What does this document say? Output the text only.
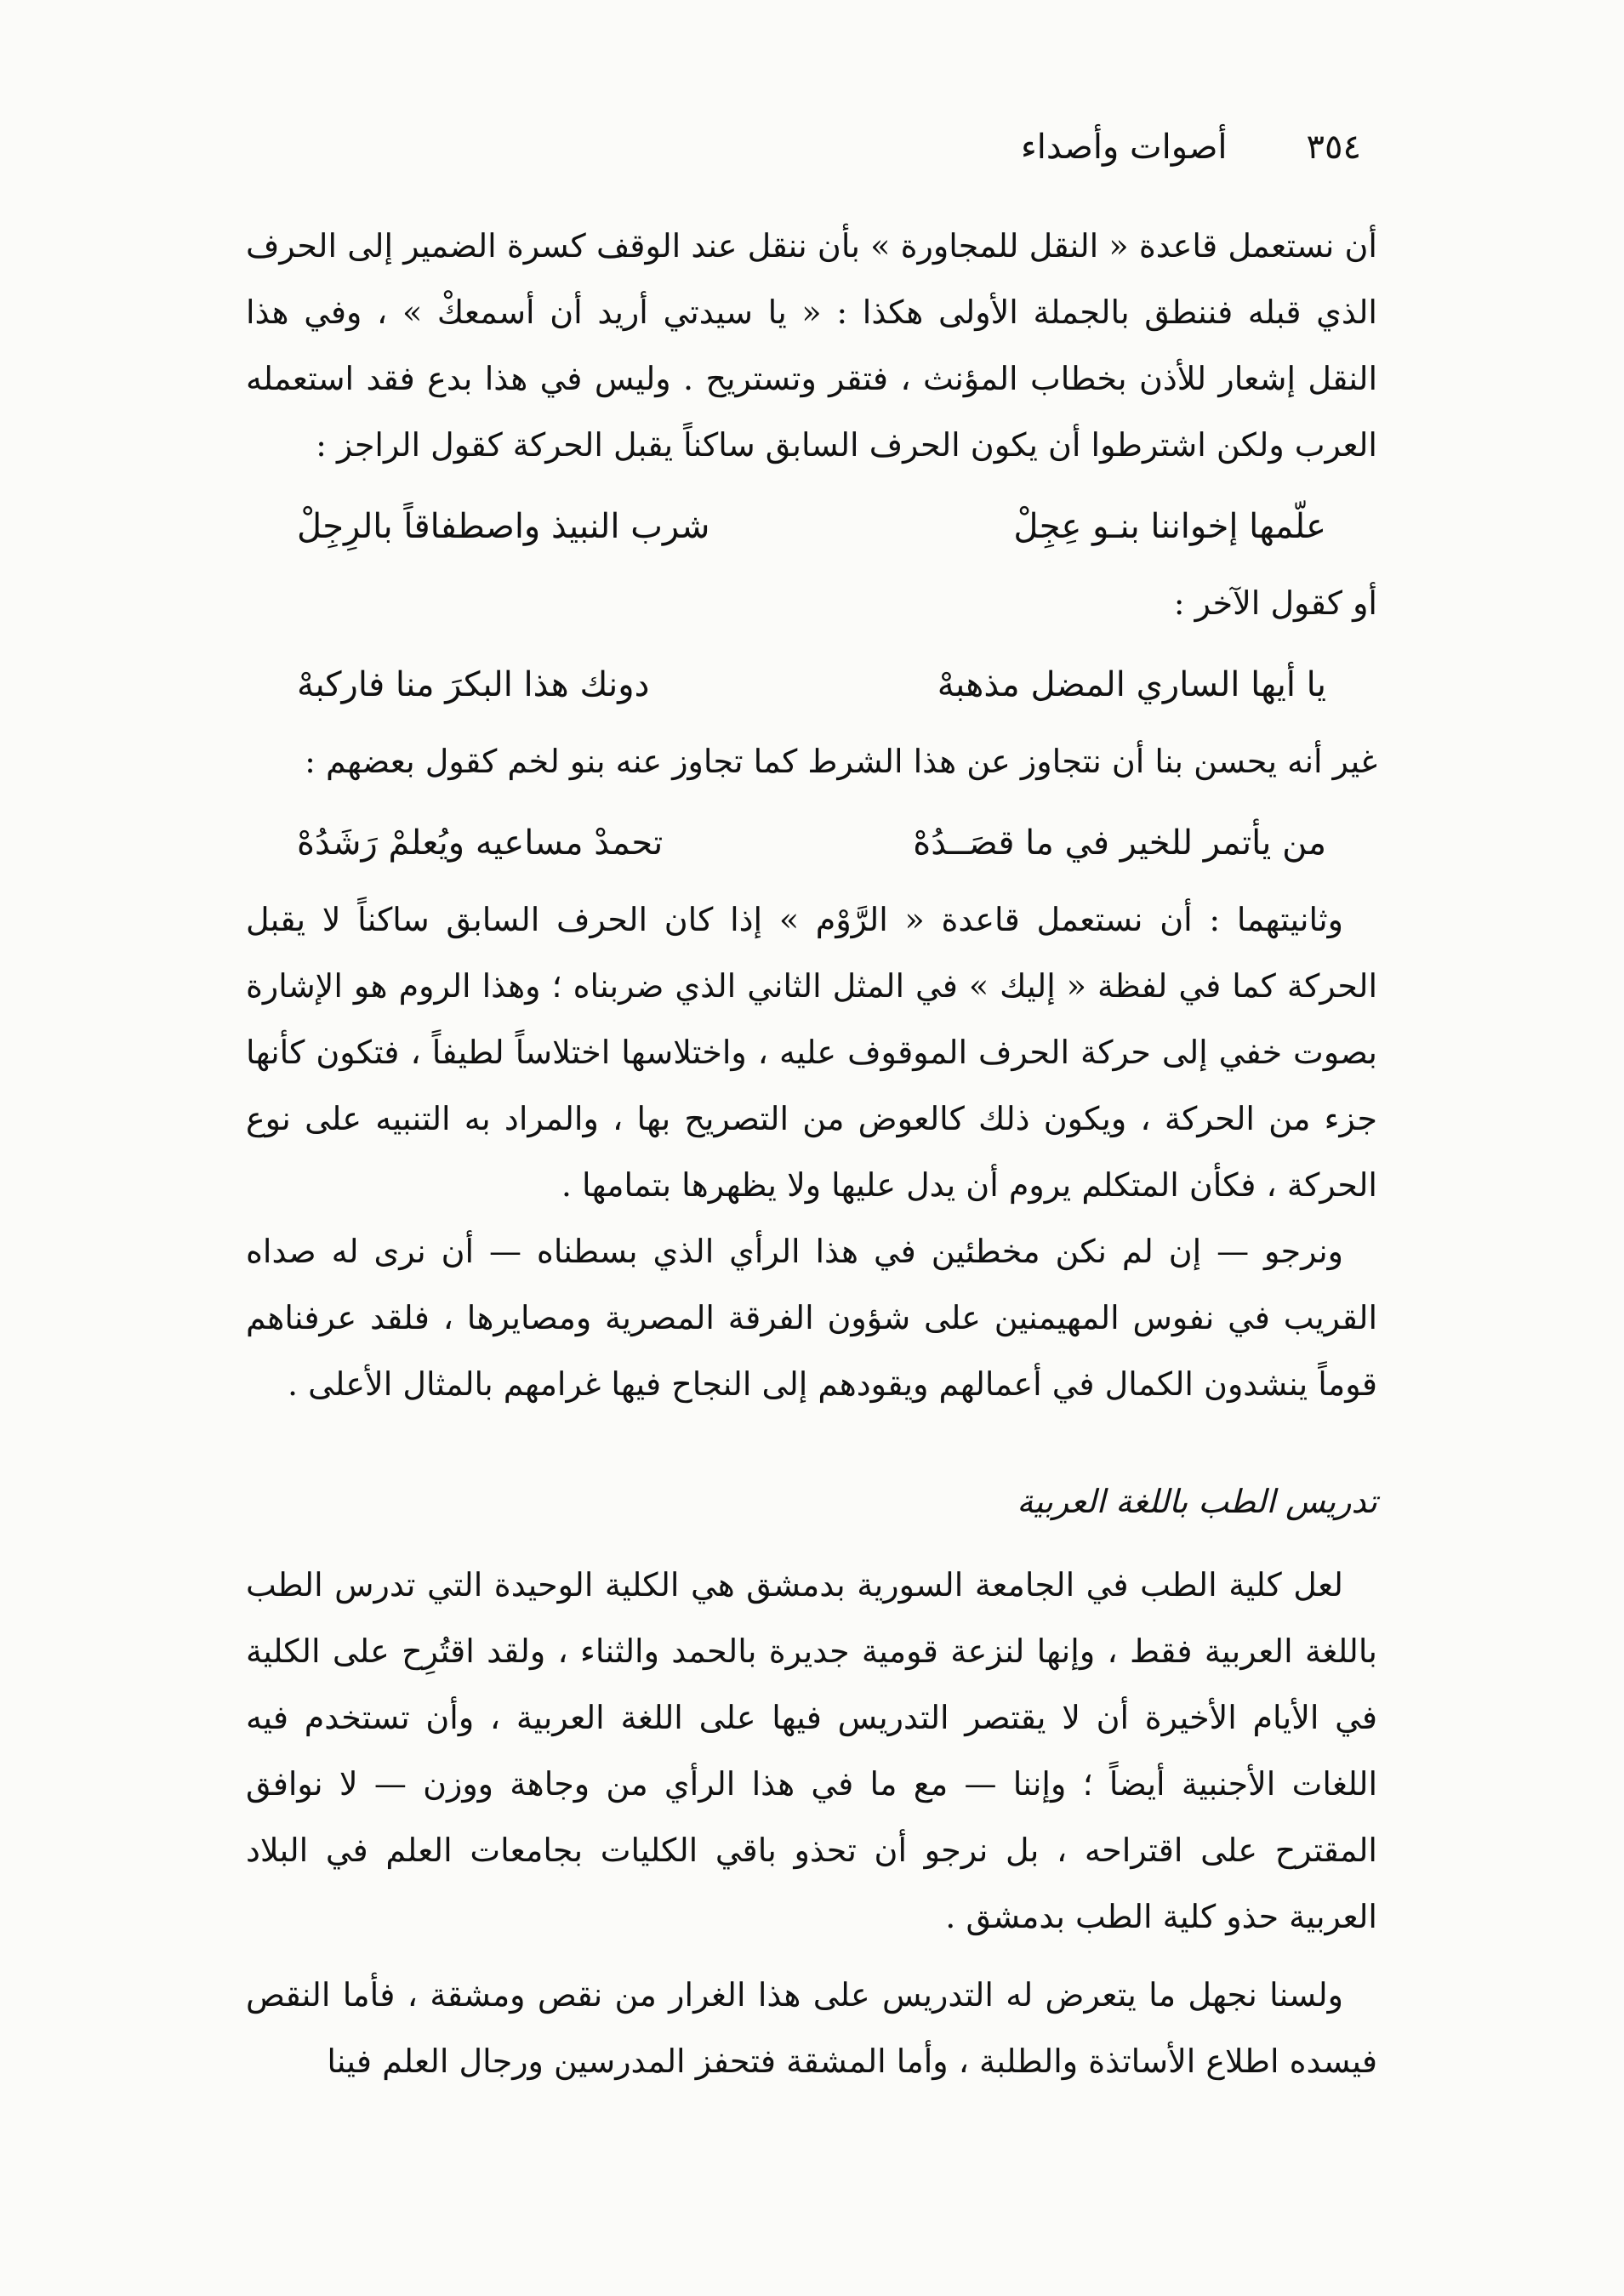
٣٥٤
أصوات وأصداء

أن نستعمل قاعدة « النقل للمجاورة » بأن ننقل عند الوقف كسرة الضمير إلى الحرف الذي قبله فننطق بالجملة الأولى هكذا : « يا سيدتي أريد أن أسمعكْ » ، وفي هذا النقل إشعار للأذن بخطاب المؤنث ، فتقر وتستريح . وليس في هذا بدع فقد استعمله العرب ولكن اشترطوا أن يكون الحرف السابق ساكناً يقبل الحركة كقول الراجز :

علّمها إخواننا بنـو عِجِلْ
شرب النبيذ واصطفاقاً بالرِجِلْ

أو كقول الآخر :

يا أيها الساري المضل مذهبهْ
دونك هذا البكرَ منا فاركبهْ

غير أنه يحسن بنا أن نتجاوز عن هذا الشرط كما تجاوز عنه بنو لخم كقول بعضهم :

من يأتمر للخير في ما قصَــدُهْ
تحمدْ مساعيه ويُعلمْ رَشَدُهْ

وثانيتهما : أن نستعمل قاعدة « الرَّوْم » إذا كان الحرف السابق ساكناً لا يقبل الحركة كما في لفظة « إليك » في المثل الثاني الذي ضربناه ؛ وهذا الروم هو الإشارة بصوت خفي إلى حركة الحرف الموقوف عليه ، واختلاسها اختلاساً لطيفاً ، فتكون كأنها جزء من الحركة ، ويكون ذلك كالعوض من التصريح بها ، والمراد به التنبيه على نوع الحركة ، فكأن المتكلم يروم أن يدل عليها ولا يظهرها بتمامها .

ونرجو — إن لم نكن مخطئين في هذا الرأي الذي بسطناه — أن نرى له صداه القريب في نفوس المهيمنين على شؤون الفرقة المصرية ومصايرها ، فلقد عرفناهم قوماً ينشدون الكمال في أعمالهم ويقودهم إلى النجاح فيها غرامهم بالمثال الأعلى .

تدريس الطب باللغة العربية

لعل كلية الطب في الجامعة السورية بدمشق هي الكلية الوحيدة التي تدرس الطب باللغة العربية فقط ، وإنها لنزعة قومية جديرة بالحمد والثناء ، ولقد اقتُرِح على الكلية في الأيام الأخيرة أن لا يقتصر التدريس فيها على اللغة العربية ، وأن تستخدم فيه اللغات الأجنبية أيضاً ؛ وإننا — مع ما في هذا الرأي من وجاهة ووزن — لا نوافق المقترح على اقتراحه ، بل نرجو أن تحذو باقي الكليات بجامعات العلم في البلاد العربية حذو كلية الطب بدمشق .

ولسنا نجهل ما يتعرض له التدريس على هذا الغرار من نقص ومشقة ، فأما النقص فيسده اطلاع الأساتذة والطلبة ، وأما المشقة فتحفز المدرسين ورجال العلم فينا
